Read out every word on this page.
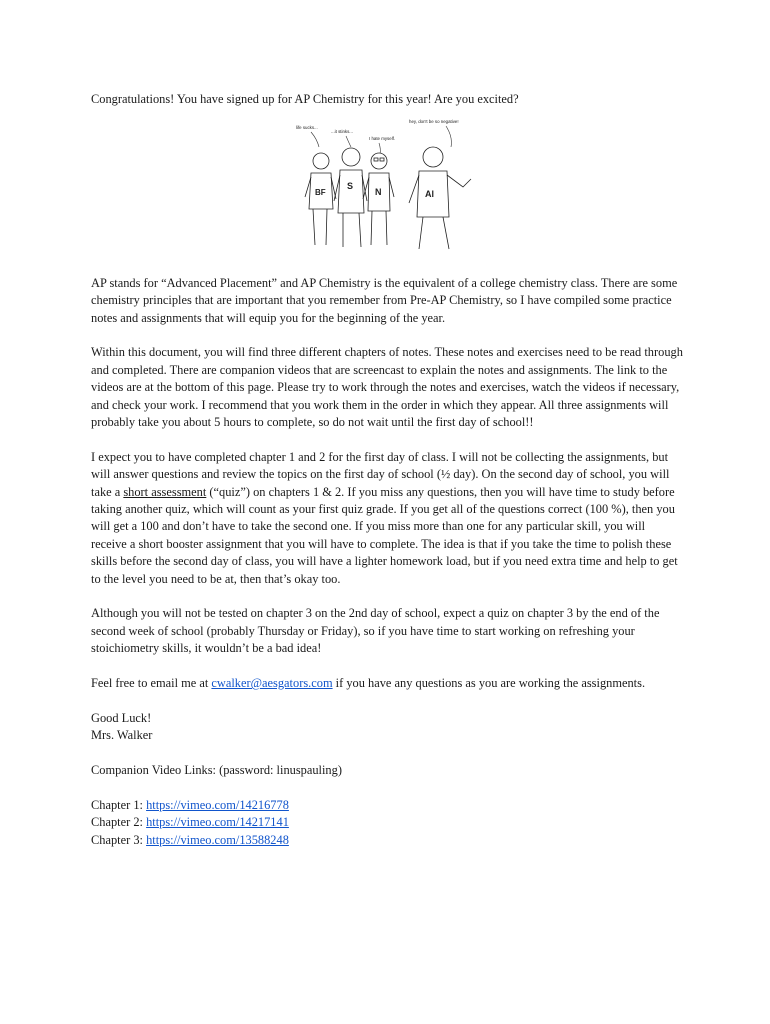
Congratulations! You have signed up for AP Chemistry for this year! Are you excited?

life sucks...
...it stinks...
I hate myself.
hey, don't be so negative!
BF
S
N	Al

AP stands for “Advanced Placement” and AP Chemistry is the equivalent of a college chemistry class. There are some chemistry principles that are important that you remember from Pre-AP Chemistry, so I have compiled some practice notes and assignments that will equip you for the beginning of the year.

Within this document, you will find three different chapters of notes. These notes and exercises need to be read through and completed. There are companion videos that are screencast to explain the notes and assignments. The link to the videos are at the bottom of this page. Please try to work through the notes and exercises, watch the videos if necessary, and check your work. I recommend that you work them in the order in which they appear. All three assignments will probably take you about 5 hours to complete, so do not wait until the first day of school!!

I expect you to have completed chapter 1 and 2 for the first day of class. I will not be collecting the assignments, but will answer questions and review the topics on the first day of school (½ day). On the second day of school, you will take a short assessment (“quiz”) on chapters 1 & 2. If you miss any questions, then you will have time to study before taking another quiz, which will count as your first quiz grade. If you get all of the questions correct (100 %), then you will get a 100 and don’t have to take the second one. If you miss more than one for any particular skill, you will receive a short booster assignment that you will have to complete. The idea is that if you take the time to polish these skills before the second day of class, you will have a lighter homework load, but if you need extra time and help to get to the level you need to be at, then that’s okay too.

Although you will not be tested on chapter 3 on the 2nd day of school, expect a quiz on chapter 3 by the end of the second week of school (probably Thursday or Friday), so if you have time to start working on refreshing your stoichiometry skills, it wouldn’t be a bad idea!

Feel free to email me at cwalker@aesgators.com if you have any questions as you are working the assignments.

Good Luck!

Mrs. Walker

Companion Video Links: (password: linuspauling)

Chapter 1: https://vimeo.com/14216778

Chapter 2: https://vimeo.com/14217141

Chapter 3: https://vimeo.com/13588248
